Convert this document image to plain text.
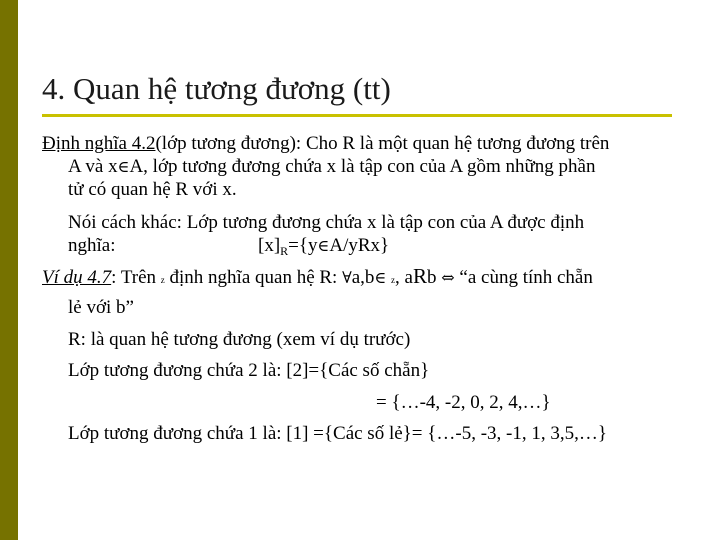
4. Quan hệ tương đương (tt)
Định nghĩa 4.2(lớp tương đương): Cho R là một quan hệ tương đương trên
A và x∈A, lớp tương đương chứa x là tập con của A gồm những phần
tử có quan hệ R với x.
Nói cách khác: Lớp tương đương chứa x là tập con của A được định
nghĩa:	$[x]_R=\{y\in A/yRx\}$
Ví dụ 4.7: Trên z định nghĩa quan hệ R: ∀a,b∈ z, aRb ⇔ “a cùng tính chẵn
lẻ với b”
R: là quan hệ tương đương (xem ví dụ trước)
Lớp tương đương chứa 2 là: [2]={Các số chẵn}
= {…-4, -2, 0, 2, 4,…}
Lớp tương đương chứa 1 là: [1] ={Các số lẻ}= {…-5, -3, -1, 1, 3,5,…}
